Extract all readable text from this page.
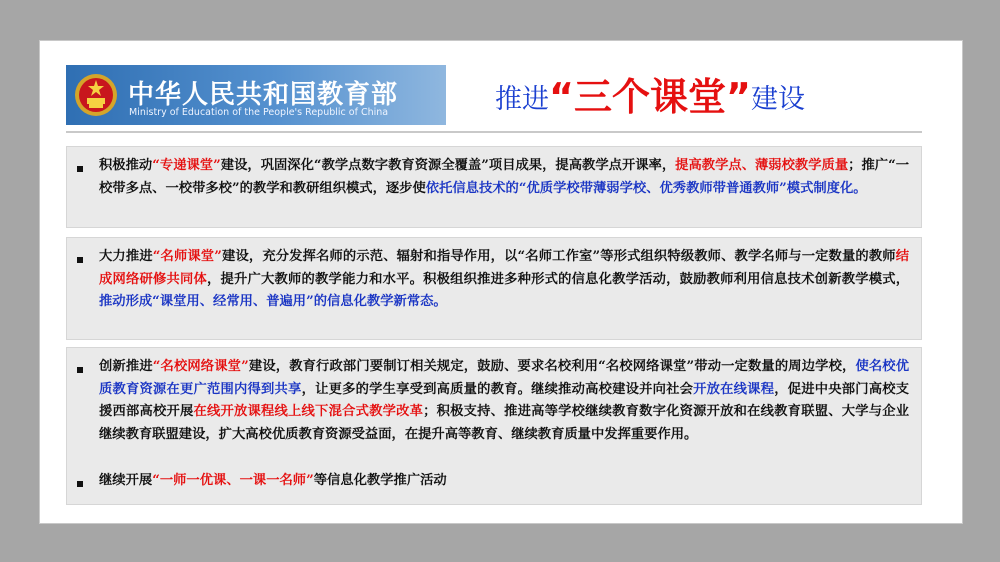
中华人民共和国教育部
Ministry of Education of the People's Republic of China	推进“三个课堂”建设
积极推动“专递课堂”建设，巩固深化“教学点数字教育资源全覆盖”项目成果，提高教学点开课率，提高教学点、薄弱校教学质量；推广“一校带多点、一校带多校”的教学和教研组织模式，逐步使依托信息技术的“优质学校带薄弱学校、优秀教师带普通教师”模式制度化。
大力推进“名师课堂”建设，充分发挥名师的示范、辐射和指导作用，以“名师工作室”等形式组织特级教师、教学名师与一定数量的教师结成网络研修共同体，提升广大教师的教学能力和水平。积极组织推进多种形式的信息化教学活动，鼓励教师利用信息技术创新教学模式，推动形成“课堂用、经常用、普遍用”的信息化教学新常态。
创新推进“名校网络课堂”建设，教育行政部门要制订相关规定，鼓励、要求名校利用“名校网络课堂”带动一定数量的周边学校，使名校优质教育资源在更广范围内得到共享，让更多的学生享受到高质量的教育。继续推动高校建设并向社会开放在线课程，促进中央部门高校支援西部高校开展在线开放课程线上线下混合式教学改革；积极支持、推进高等学校继续教育数字化资源开放和在线教育联盟、大学与企业继续教育联盟建设，扩大高校优质教育资源受益面，在提升高等教育、继续教育质量中发挥重要作用。
继续开展“一师一优课、一课一名师”等信息化教学推广活动
